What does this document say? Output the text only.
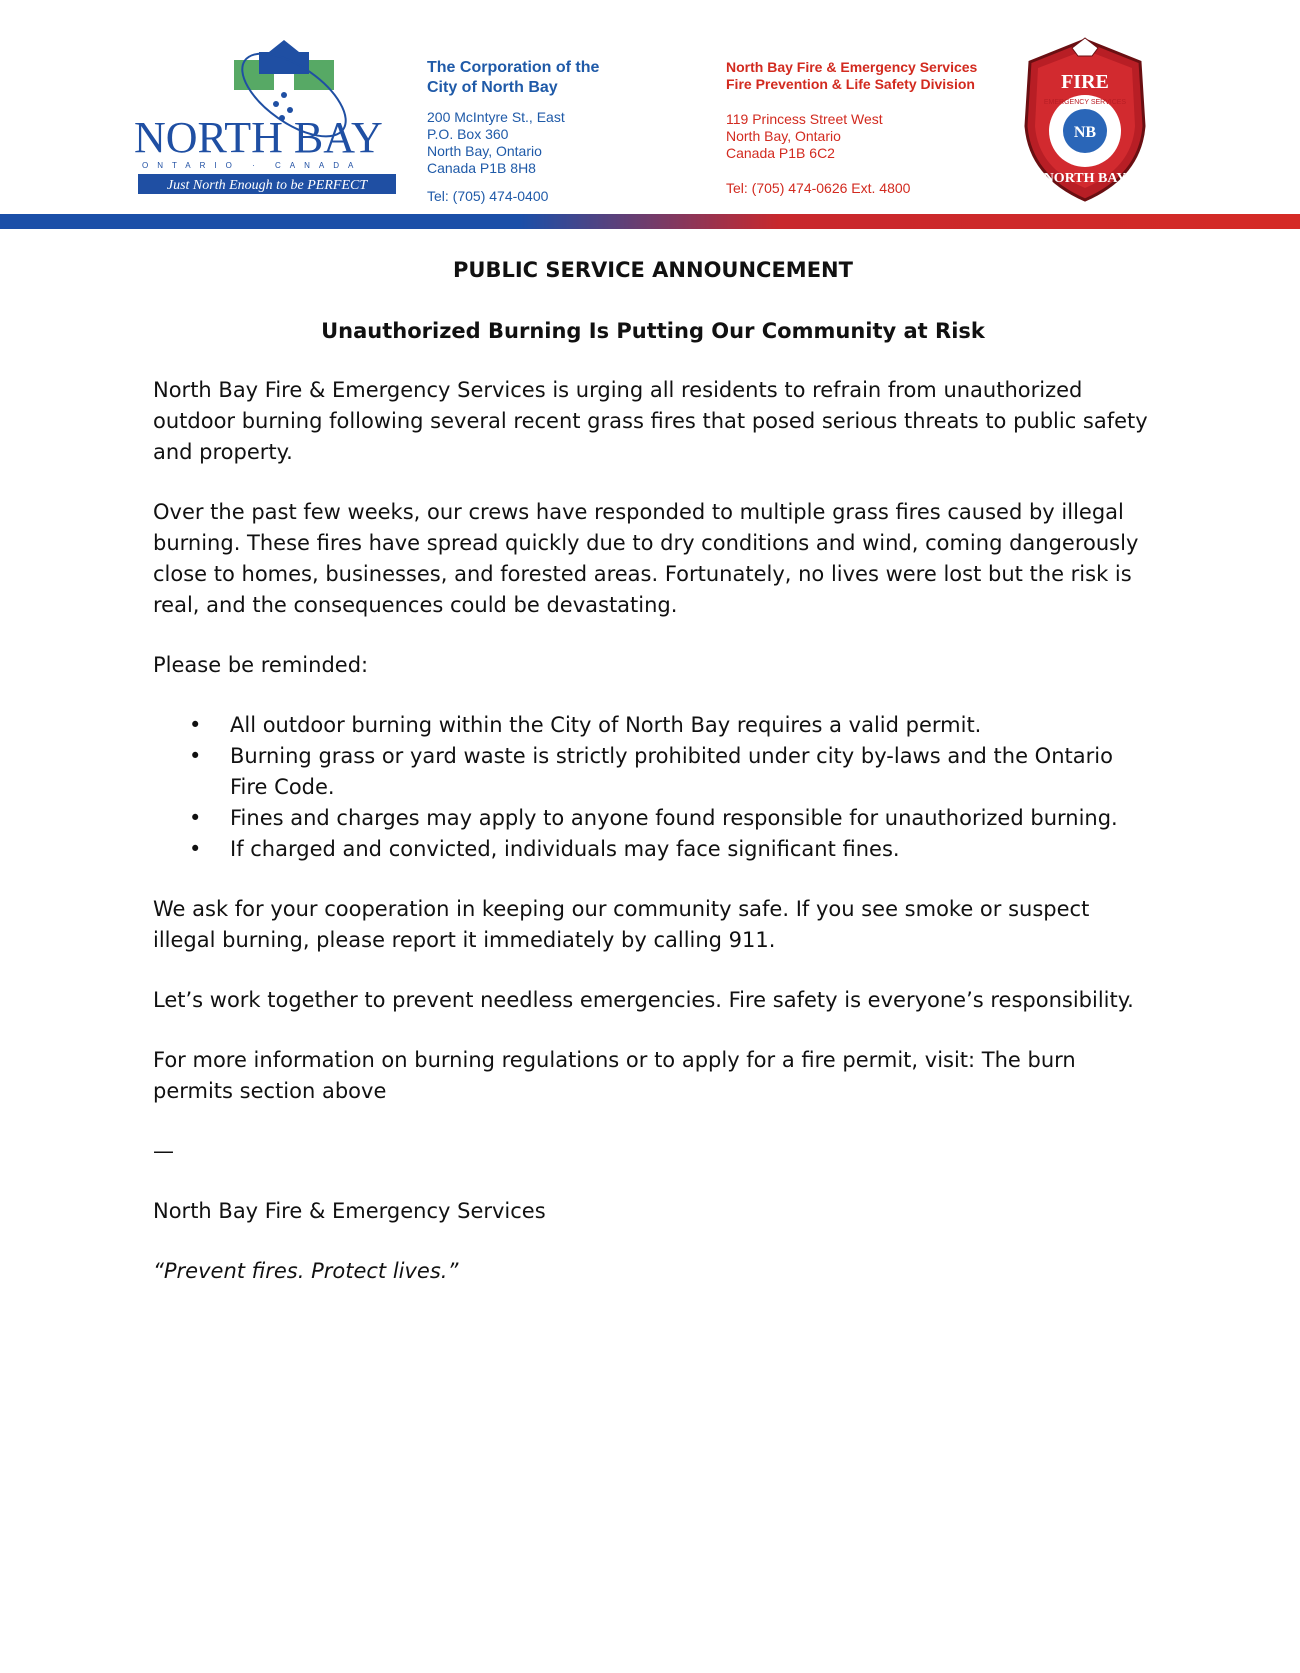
NORTH BAY
ONTARIO · CANADA
Just North Enough to be PERFECT
The Corporation of the
City of North Bay
200 McIntyre St., East
P.O. Box 360
North Bay, Ontario
Canada P1B 8H8
Tel: (705) 474-0400
North Bay Fire & Emergency Services
Fire Prevention & Life Safety Division
119 Princess Street West
North Bay, Ontario
Canada P1B 6C2
Tel: (705) 474-0626 Ext. 4800
NB
FIRE
EMERGENCY SERVICES
NORTH BAY
PUBLIC SERVICE ANNOUNCEMENT
Unauthorized Burning Is Putting Our Community at Risk

North Bay Fire & Emergency Services is urging all residents to refrain from unauthorized outdoor burning following several recent grass fires that posed serious threats to public safety and property.

Over the past few weeks, our crews have responded to multiple grass fires caused by illegal burning. These fires have spread quickly due to dry conditions and wind, coming dangerously close to homes, businesses, and forested areas. Fortunately, no lives were lost but the risk is real, and the consequences could be devastating.

Please be reminded:

• All outdoor burning within the City of North Bay requires a valid permit.
• Burning grass or yard waste is strictly prohibited under city by-laws and the Ontario Fire Code.
• Fines and charges may apply to anyone found responsible for unauthorized burning.
• If charged and convicted, individuals may face significant fines.

We ask for your cooperation in keeping our community safe. If you see smoke or suspect illegal burning, please report it immediately by calling 911.

Let’s work together to prevent needless emergencies. Fire safety is everyone’s responsibility.

For more information on burning regulations or to apply for a fire permit, visit: The burn permits section above

—

North Bay Fire & Emergency Services

“Prevent fires. Protect lives.”
